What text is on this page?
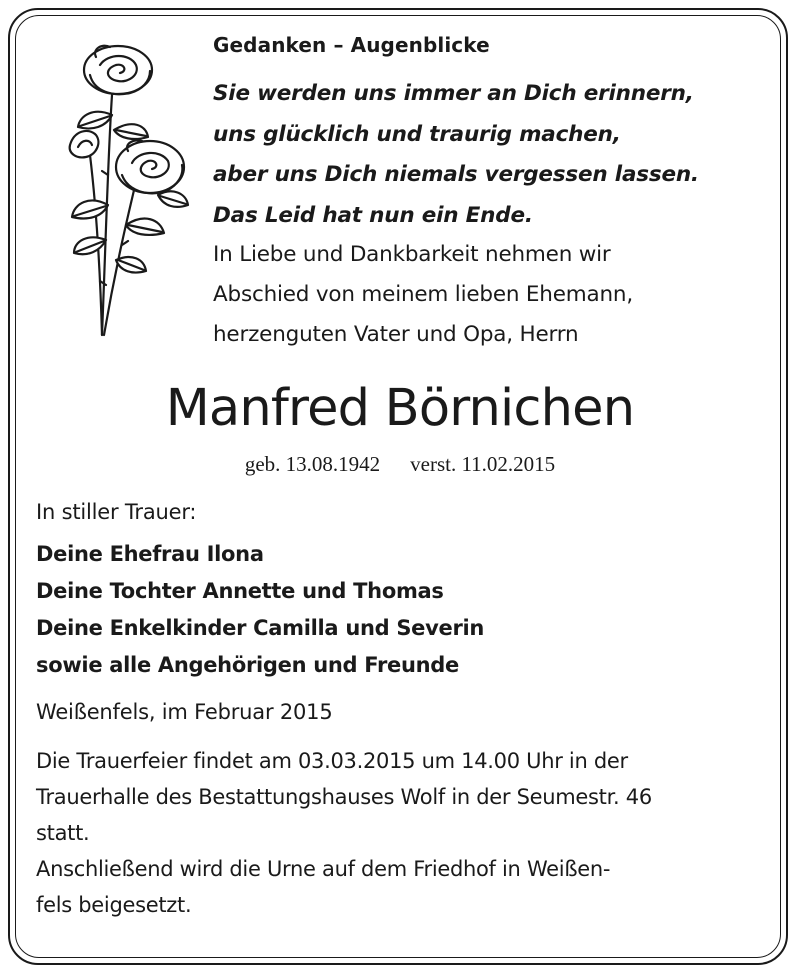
Gedanken – Augenblicke

Sie werden uns immer an Dich erinnern,
uns glücklich und traurig machen,
aber uns Dich niemals vergessen lassen.
Das Leid hat nun ein Ende.
In Liebe und Dankbarkeit nehmen wir
Abschied von meinem lieben Ehemann,
herzenguten Vater und Opa, Herrn
Manfred Börnichen

geb. 13.08.1942 verst. 11.02.2015

In stiller Trauer:

Deine Ehefrau Ilona
Deine Tochter Annette und Thomas
Deine Enkelkinder Camilla und Severin
sowie alle Angehörigen und Freunde

Weißenfels, im Februar 2015

Die Trauerfeier findet am 03.03.2015 um 14.00 Uhr in der
Trauerhalle des Bestattungshauses Wolf in der Seumestr. 46
statt.
Anschließend wird die Urne auf dem Friedhof in Weißen-
fels beigesetzt.
